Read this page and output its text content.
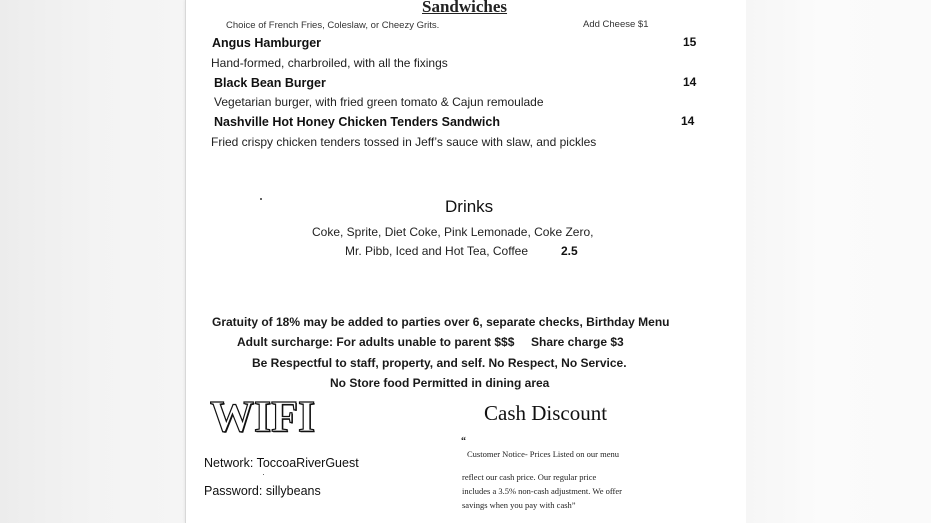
Sandwiches
Choice of French Fries, Coleslaw, or Cheezy Grits.	Add Cheese $1
Angus Hamburger	15
Hand-formed, charbroiled, with all the fixings
Black Bean Burger	14
Vegetarian burger, with fried green tomato & Cajun remoulade
Nashville Hot Honey Chicken Tenders Sandwich	14
Fried crispy chicken tenders tossed in Jeff’s sauce with slaw, and pickles
Drinks
Coke, Sprite, Diet Coke, Pink Lemonade, Coke Zero,
Mr. Pibb, Iced and Hot Tea, Coffee	2.5
Gratuity of 18% may be added to parties over 6, separate checks, Birthday Menu
Adult surcharge: For adults unable to parent $$$ Share charge $3
Be Respectful to staff, property, and self. No Respect, No Service.
No Store food Permitted in dining area
WIFI
Network: ToccoaRiverGuest
Password: sillybeans
Cash Discount
“
Customer Notice- Prices Listed on our menu
reflect our cash price. Our regular price
includes a 3.5% non-cash adjustment. We offer
savings when you pay with cash”
